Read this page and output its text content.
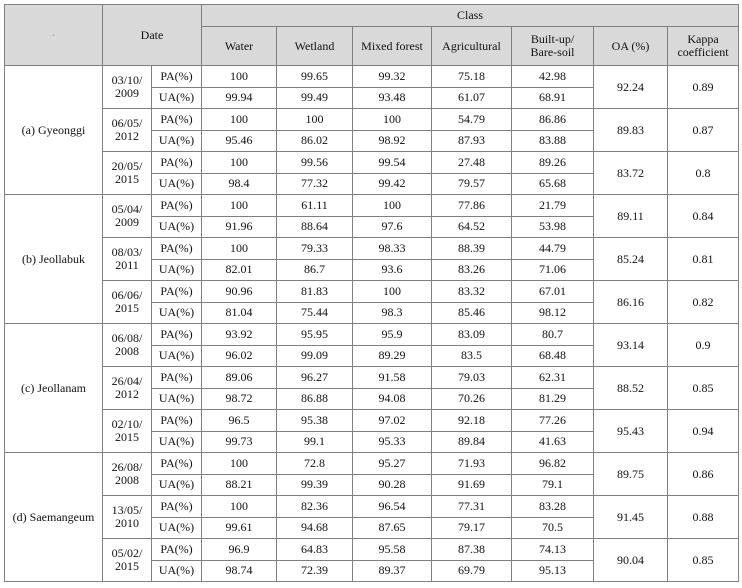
·	Date		Class						
			Water	Wetland	Mixed forest	Agricultural	Built-up/
Bare-soil	OA (%)	Kappa
coefficient
(a) Gyeonggi	03/10/
2009	PA(%)	100	99.65	99.32	75.18	42.98	92.24	0.89
		UA(%)	99.94	99.49	93.48	61.07	68.91		
	06/05/
2012	PA(%)	100	100	100	54.79	86.86	89.83	0.87
		UA(%)	95.46	86.02	98.92	87.93	83.88		
	20/05/
2015	PA(%)	100	99.56	99.54	27.48	89.26	83.72	0.8
		UA(%)	98.4	77.32	99.42	79.57	65.68		
(b) Jeollabuk	05/04/
2009	PA(%)	100	61.11	100	77.86	21.79	89.11	0.84
		UA(%)	91.96	88.64	97.6	64.52	53.98		
	08/03/
2011	PA(%)	100	79.33	98.33	88.39	44.79	85.24	0.81
		UA(%)	82.01	86.7	93.6	83.26	71.06		
	06/06/
2015	PA(%)	90.96	81.83	100	83.32	67.01	86.16	0.82
		UA(%)	81.04	75.44	98.3	85.46	98.12		
(c) Jeollanam	06/08/
2008	PA(%)	93.92	95.95	95.9	83.09	80.7	93.14	0.9
		UA(%)	96.02	99.09	89.29	83.5	68.48		
	26/04/
2012	PA(%)	89.06	96.27	91.58	79.03	62.31	88.52	0.85
		UA(%)	98.72	86.88	94.08	70.26	81.29		
	02/10/
2015	PA(%)	96.5	95.38	97.02	92.18	77.26	95.43	0.94
		UA(%)	99.73	99.1	95.33	89.84	41.63		
(d) Saemangeum	26/08/
2008	PA(%)	100	72.8	95.27	71.93	96.82	89.75	0.86
		UA(%)	88.21	99.39	90.28	91.69	79.1		
	13/05/
2010	PA(%)	100	82.36	96.54	77.31	83.28	91.45	0.88
		UA(%)	99.61	94.68	87.65	79.17	70.5		
	05/02/
2015	PA(%)	96.9	64.83	95.58	87.38	74.13	90.04	0.85
		UA(%)	98.74	72.39	89.37	69.79	95.13		
